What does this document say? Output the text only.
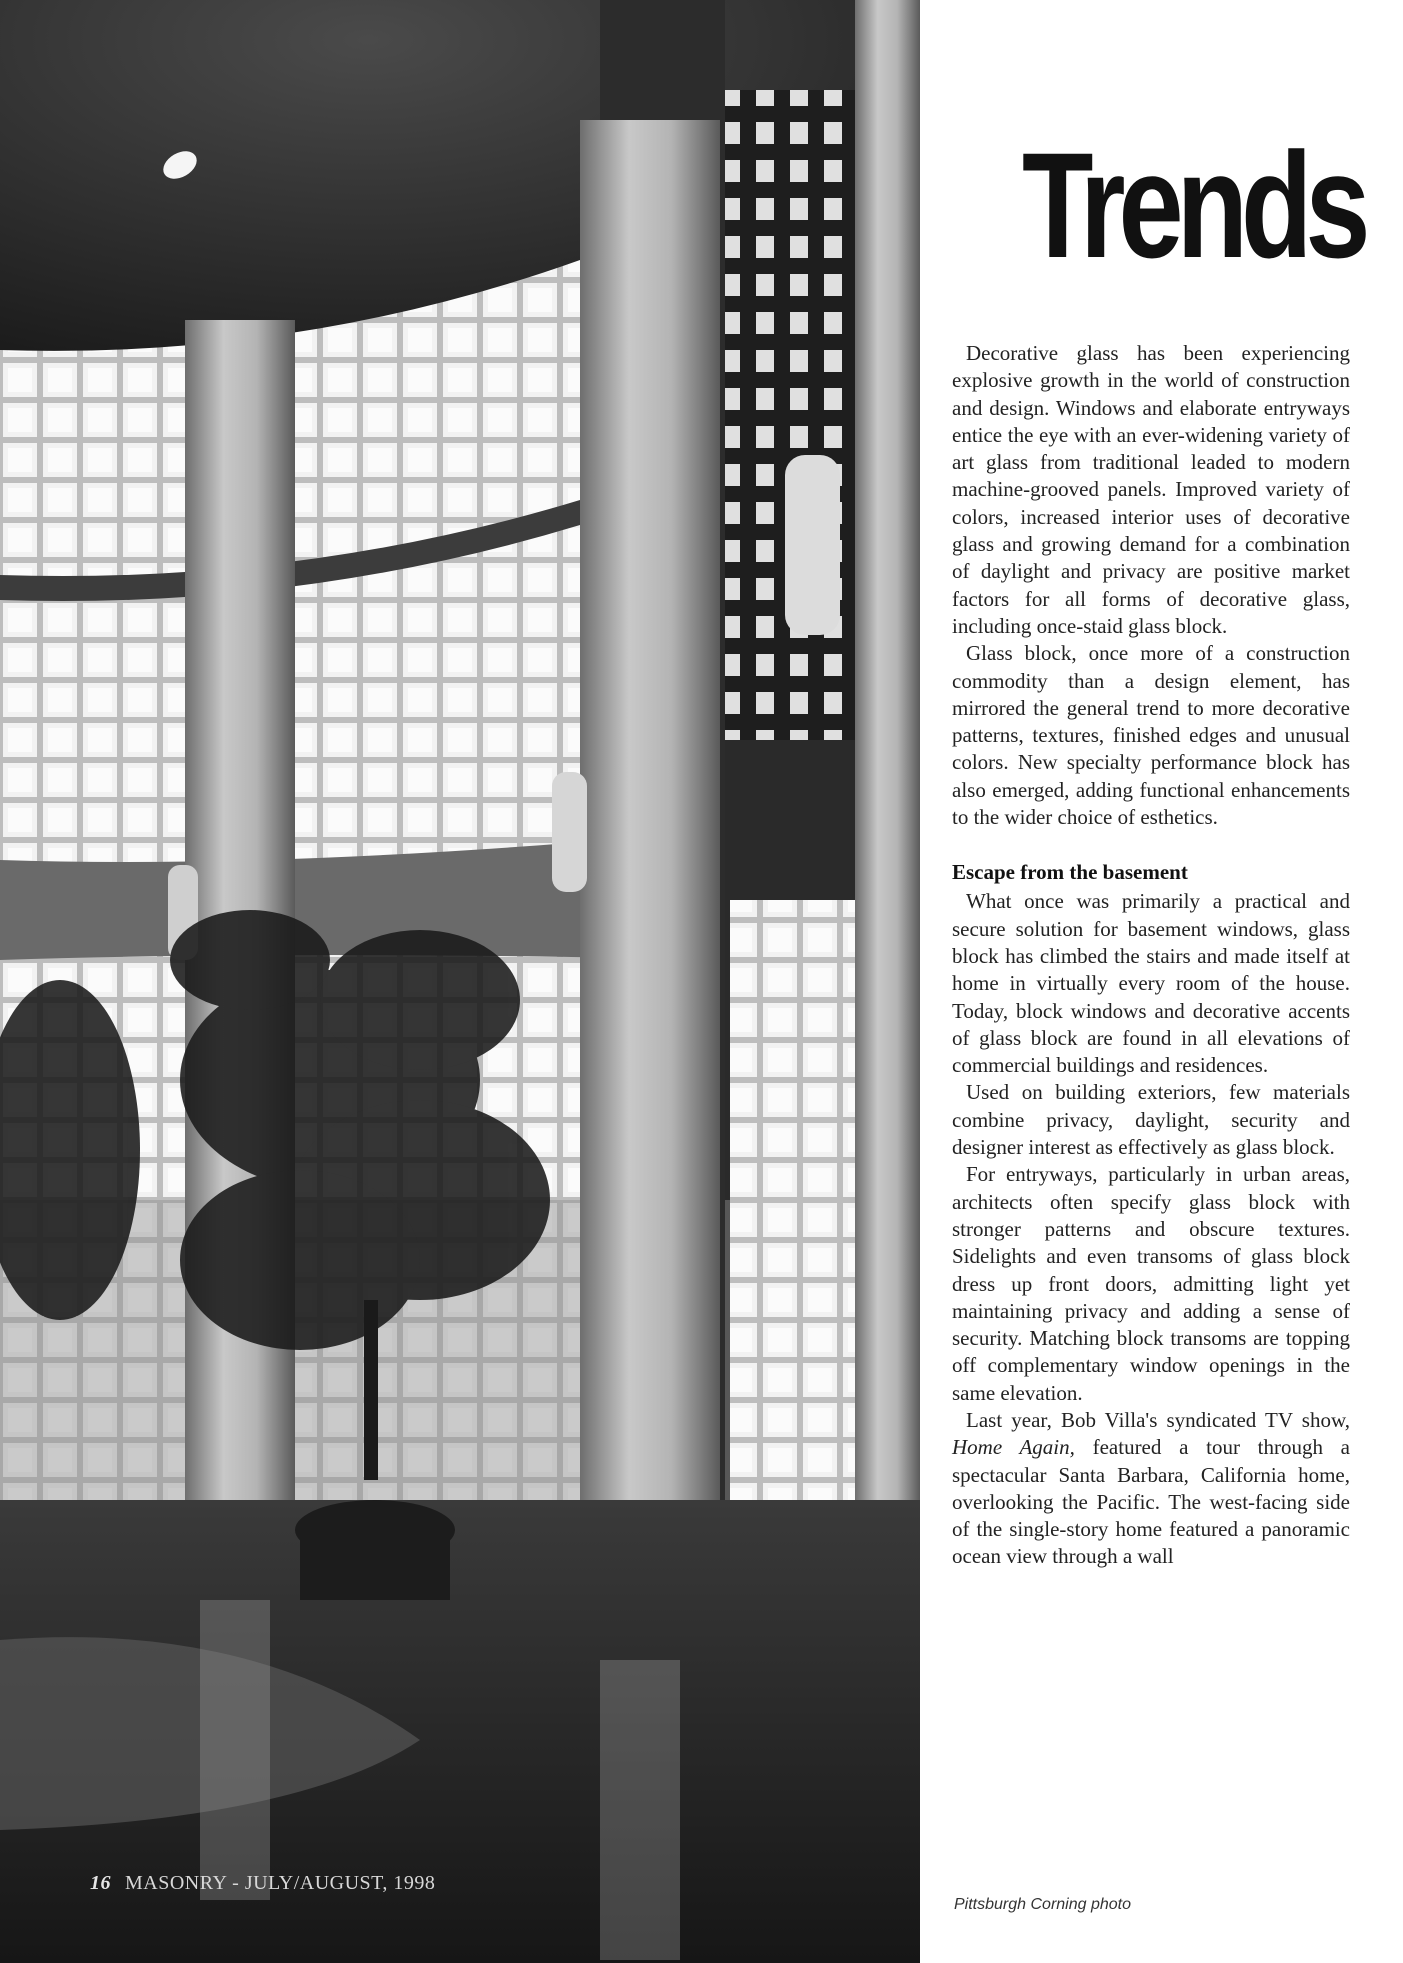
16 MASONRY - JULY/AUGUST, 1998
Trends

Decorative glass has been experiencing explosive growth in the world of construction and design. Windows and elaborate entryways entice the eye with an ever-widening variety of art glass from traditional leaded to modern machine-grooved panels. Improved variety of colors, increased interior uses of decorative glass and growing demand for a combination of daylight and privacy are positive market factors for all forms of decorative glass, including once-staid glass block.

Glass block, once more of a construction commodity than a design element, has mirrored the general trend to more decorative patterns, textures, finished edges and unusual colors. New specialty performance block has also emerged, adding functional enhancements to the wider choice of esthetics.

Escape from the basement

What once was primarily a practical and secure solution for basement windows, glass block has climbed the stairs and made itself at home in virtually every room of the house. Today, block windows and decorative accents of glass block are found in all elevations of commercial buildings and residences.

Used on building exteriors, few materials combine privacy, daylight, security and designer interest as effectively as glass block.

For entryways, particularly in urban areas, architects often specify glass block with stronger patterns and obscure textures. Sidelights and even transoms of glass block dress up front doors, admitting light yet maintaining privacy and adding a sense of security. Matching block transoms are topping off complementary window openings in the same elevation.

Last year, Bob Villa's syndicated TV show, Home Again, featured a tour through a spectacular Santa Barbara, California home, overlooking the Pacific. The west-facing side of the single-story home featured a panoramic ocean view through a wall

Pittsburgh Corning photo
